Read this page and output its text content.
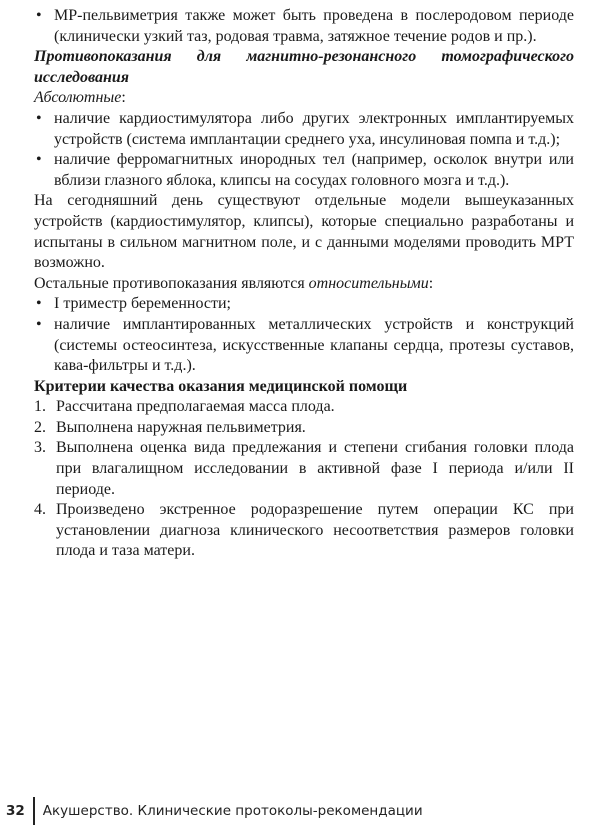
• МР-пельвиметрия также может быть проведена в послеродовом периоде (клинически узкий таз, родовая травма, затяжное течение родов и пр.).

Противопоказания для магнитно-резонансного томографического исследования

Абсолютные:

• наличие кардиостимулятора либо других электронных имплантируемых устройств (система имплантации среднего уха, инсулиновая помпа и т.д.);

• наличие ферромагнитных инородных тел (например, осколок внутри или вблизи глазного яблока, клипсы на сосудах головного мозга и т.д.).

На сегодняшний день существуют отдельные модели вышеуказанных устройств (кардиостимулятор, клипсы), которые специально разработаны и испытаны в сильном магнитном поле, и с данными моделями проводить МРТ возможно.

Остальные противопоказания являются относительными:

• I триместр беременности;

• наличие имплантированных металлических устройств и конструкций (системы остеосинтеза, искусственные клапаны сердца, протезы суставов, кава-фильтры и т.д.).

Критерии качества оказания медицинской помощи

1. Рассчитана предполагаемая масса плода.

2. Выполнена наружная пельвиметрия.

3. Выполнена оценка вида предлежания и степени сгибания головки плода при влагалищном исследовании в активной фазе I периода и/или II периоде.

4. Произведено экстренное родоразрешение путем операции КС при установлении диагноза клинического несоответствия размеров головки плода и таза матери.

32	Акушерство. Клинические протоколы-рекомендации
